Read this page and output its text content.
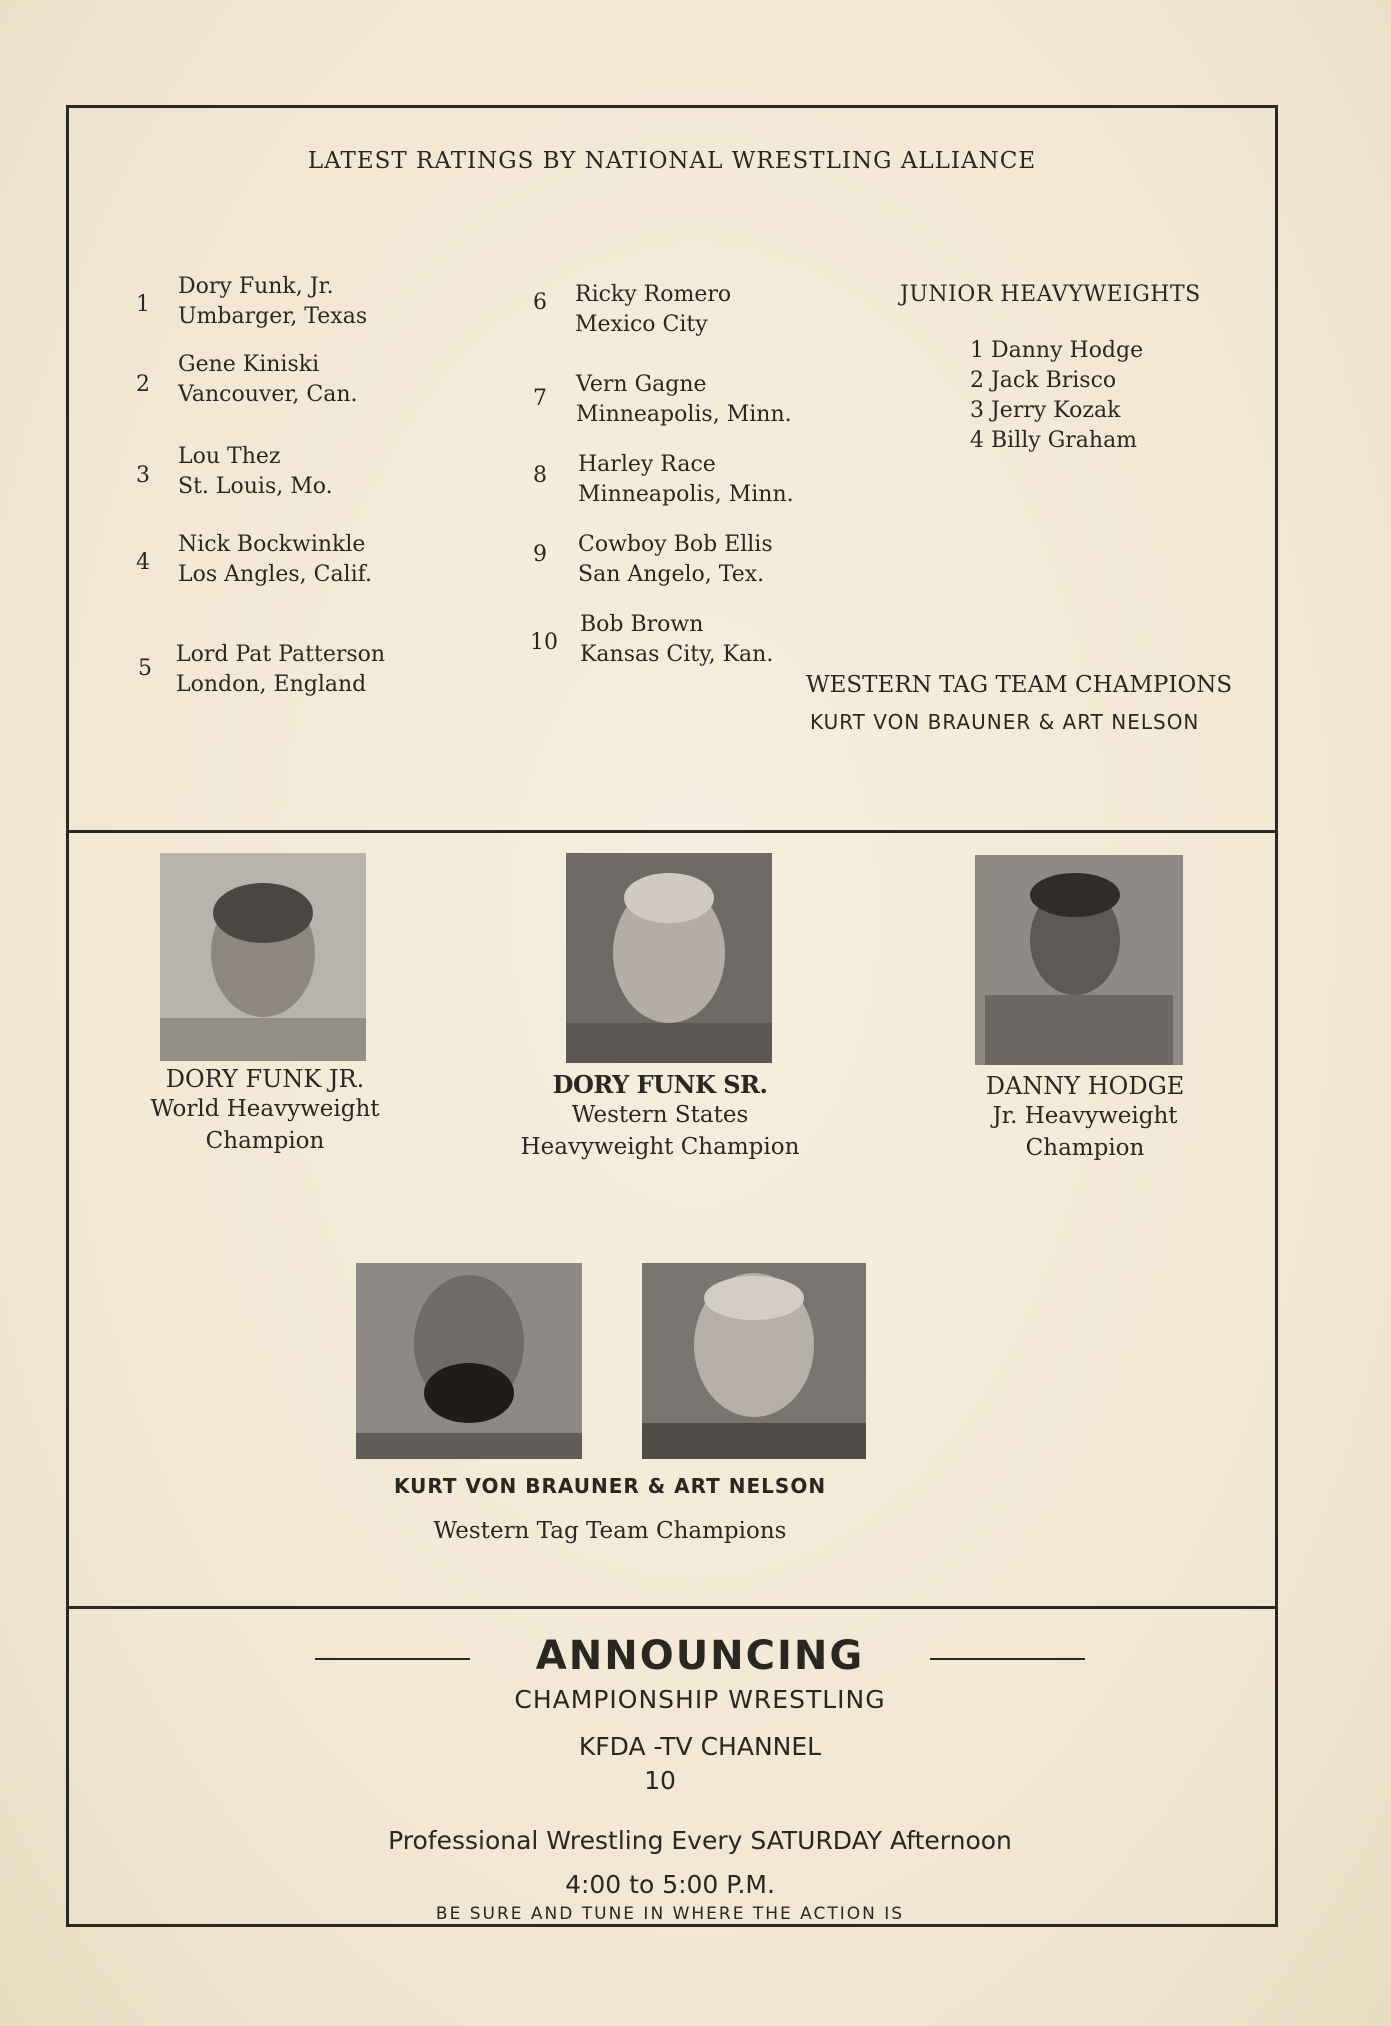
LATEST RATINGS BY NATIONAL WRESTLING ALLIANCE
1
Dory Funk, Jr.
Umbarger, Texas
2
Gene Kiniski
Vancouver, Can.
3
Lou Thez
St. Louis, Mo.
4
Nick Bockwinkle
Los Angles, Calif.
5
Lord Pat Patterson
London, England
6 Ricky Romero
Mexico City
7
Vern Gagne
Minneapolis, Minn.
8 Harley Race
Minneapolis, Minn.
9 Cowboy Bob Ellis
San Angelo, Tex.
10
Bob Brown
Kansas City, Kan.
JUNIOR HEAVYWEIGHTS
1 Danny Hodge
2 Jack Brisco
3 Jerry Kozak
4 Billy Graham
WESTERN TAG TEAM CHAMPIONS
KURT VON BRAUNER & ART NELSON
DORY FUNK JR.
World Heavyweight
Champion
DORY FUNK SR.
Western States
Heavyweight Champion
DANNY HODGE
Jr. Heavyweight
Champion
KURT VON BRAUNER & ART NELSON
Western Tag Team Champions
ANNOUNCING
CHAMPIONSHIP WRESTLING
KFDA -TV CHANNEL
10
Professional Wrestling Every SATURDAY Afternoon
4:00 to 5:00 P.M.
BE SURE AND TUNE IN WHERE THE ACTION IS
